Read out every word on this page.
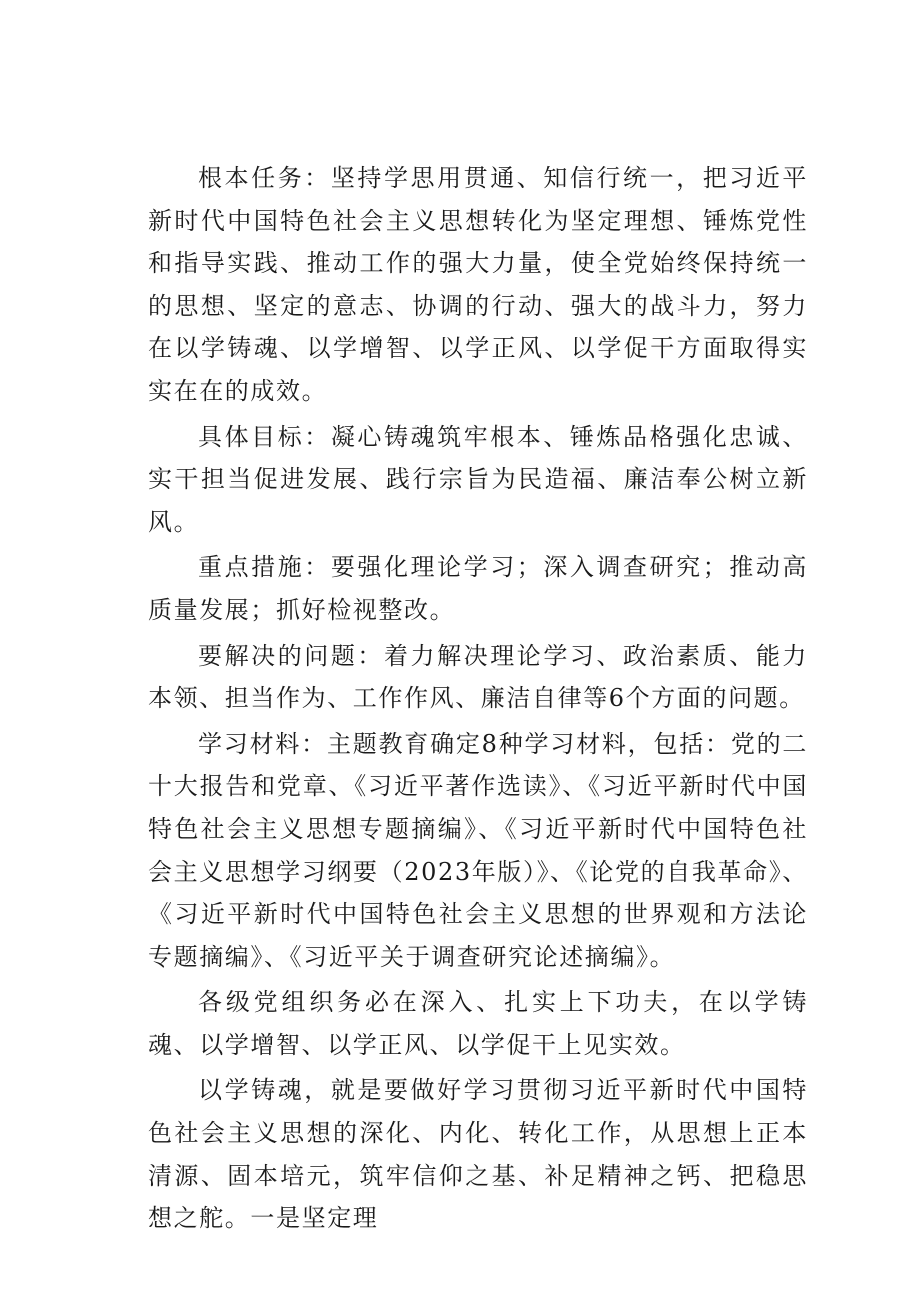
根本任务：坚持学思用贯通、知信行统一，把习近平新时代中国特色社会主义思想转化为坚定理想、锤炼党性和指导实践、推动工作的强大力量，使全党始终保持统一的思想、坚定的意志、协调的行动、强大的战斗力，努力在以学铸魂、以学增智、以学正风、以学促干方面取得实实在在的成效。

具体目标：凝心铸魂筑牢根本、锤炼品格强化忠诚、实干担当促进发展、践行宗旨为民造福、廉洁奉公树立新风。

重点措施：要强化理论学习；深入调查研究；推动高质量发展；抓好检视整改。

要解决的问题：着力解决理论学习、政治素质、能力本领、担当作为、工作作风、廉洁自律等6个方面的问题。

学习材料：主题教育确定8种学习材料，包括：党的二十大报告和党章、《习近平著作选读》、《习近平新时代中国特色社会主义思想专题摘编》、《习近平新时代中国特色社会主义思想学习纲要（2023年版）》、《论党的自我革命》、《习近平新时代中国特色社会主义思想的世界观和方法论专题摘编》、《习近平关于调查研究论述摘编》。

各级党组织务必在深入、扎实上下功夫，在以学铸魂、以学增智、以学正风、以学促干上见实效。

以学铸魂，就是要做好学习贯彻习近平新时代中国特色社会主义思想的深化、内化、转化工作，从思想上正本清源、固本培元，筑牢信仰之基、补足精神之钙、把稳思想之舵。一是坚定理
